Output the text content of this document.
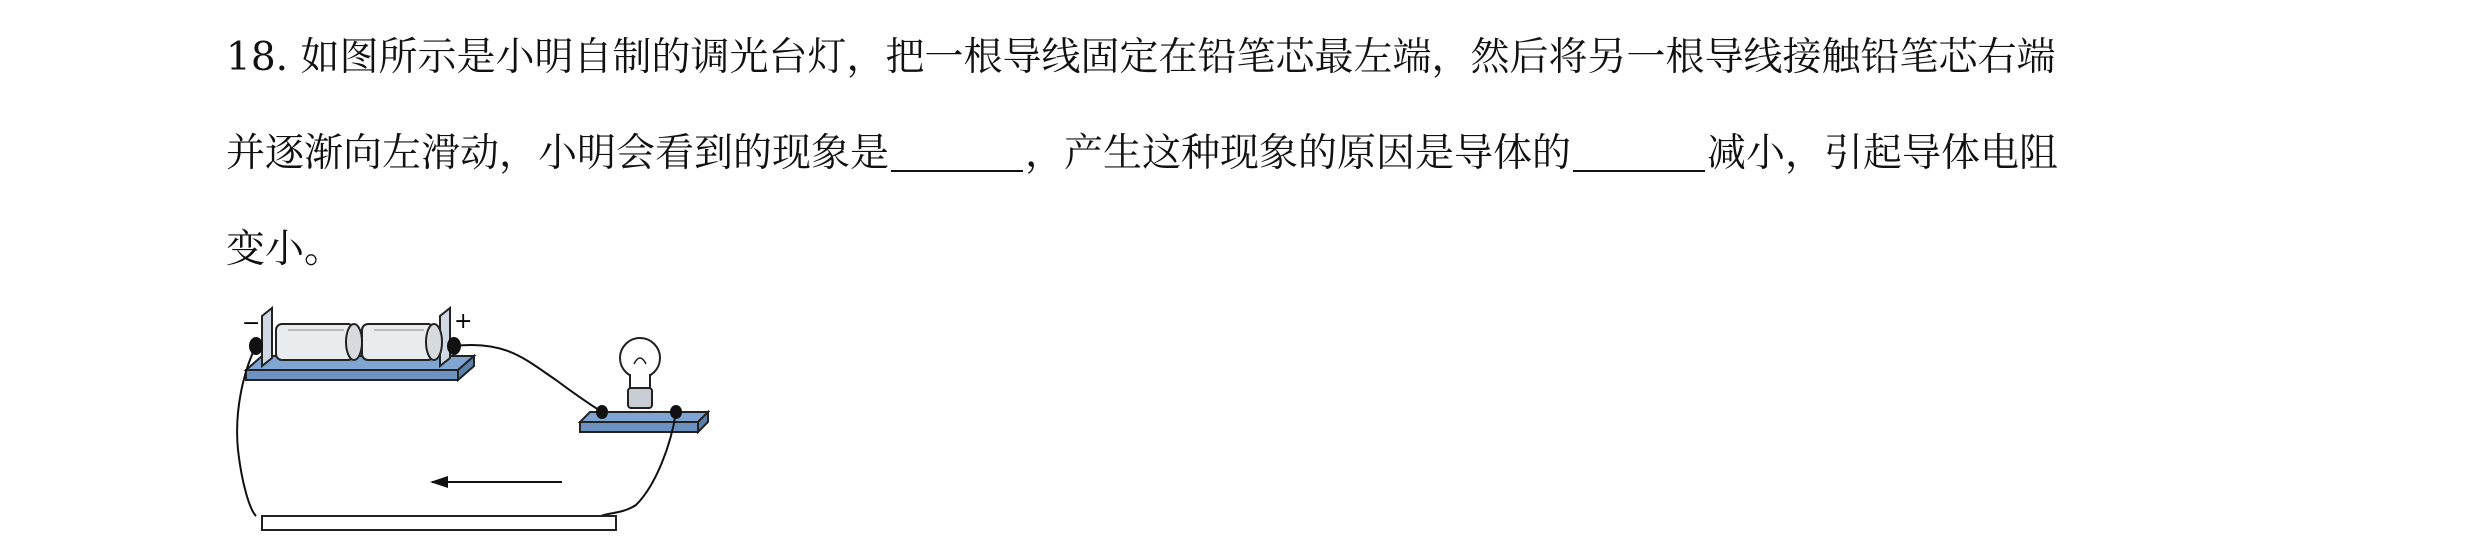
18. 如图所示是小明自制的调光台灯，把一根导线固定在铅笔芯最左端，然后将另一根导线接触铅笔芯右端
并逐渐向左滑动，小明会看到的现象是	，产生这种现象的原因是导体的	减小，引起导体电阻
变小。
−	+
